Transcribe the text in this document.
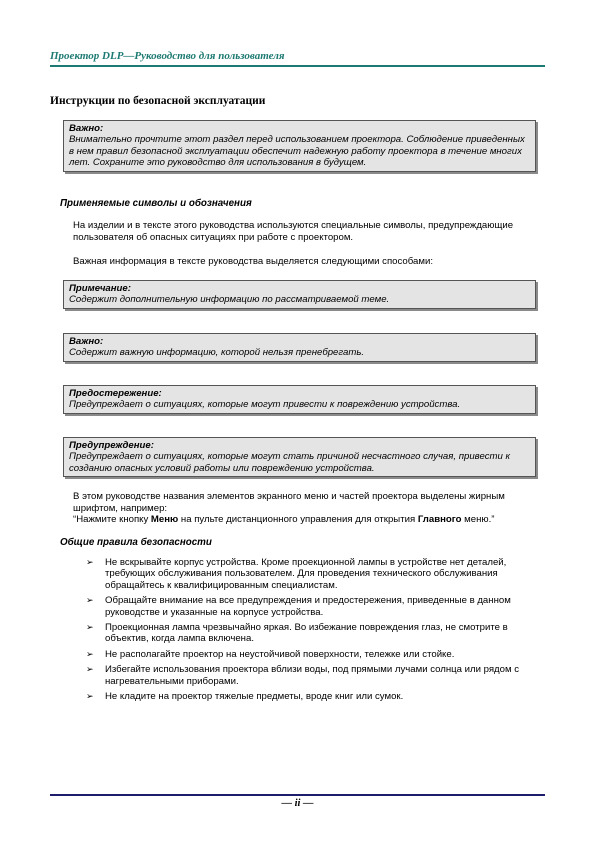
Проектор DLP—Руководство для пользователя
Инструкции по безопасной эксплуатации
Важно:
Внимательно прочтите этот раздел перед использованием проектора. Соблюдение приведенных в нем правил безопасной эксплуатации обеспечит надежную работу проектора в течение многих лет. Сохраните это руководство для использования в будущем.
Применяемые символы и обозначения
На изделии и в тексте этого руководства используются специальные символы, предупреждающие пользователя об опасных ситуациях при работе с проектором.
Важная информация в тексте руководства выделяется следующими способами:
Примечание:
Содержит дополнительную информацию по рассматриваемой теме.
Важно:
Содержит важную информацию, которой нельзя пренебрегать.
Предостережение:
Предупреждает о ситуациях, которые могут привести к повреждению устройства.
Предупреждение:
Предупреждает о ситуациях, которые могут стать причиной несчастного случая, привести к созданию опасных условий работы или повреждению устройства.
В этом руководстве названия элементов экранного меню и частей проектора выделены жирным шрифтом, например:
“Нажмите кнопку Меню на пульте дистанционного управления для открытия Главного меню.”
Общие правила безопасности
➢ Не вскрывайте корпус устройства. Кроме проекционной лампы в устройстве нет деталей, требующих обслуживания пользователем. Для проведения технического обслуживания обращайтесь к квалифицированным специалистам.
➢ Обращайте внимание на все предупреждения и предостережения, приведенные в данном руководстве и указанные на корпусе устройства.
➢ Проекционная лампа чрезвычайно яркая. Во избежание повреждения глаз, не смотрите в объектив, когда лампа включена.
➢ Не располагайте проектор на неустойчивой поверхности, тележке или стойке.
➢ Избегайте использования проектора вблизи воды, под прямыми лучами солнца или рядом с нагревательными приборами.
➢ Не кладите на проектор тяжелые предметы, вроде книг или сумок.
— ii —
